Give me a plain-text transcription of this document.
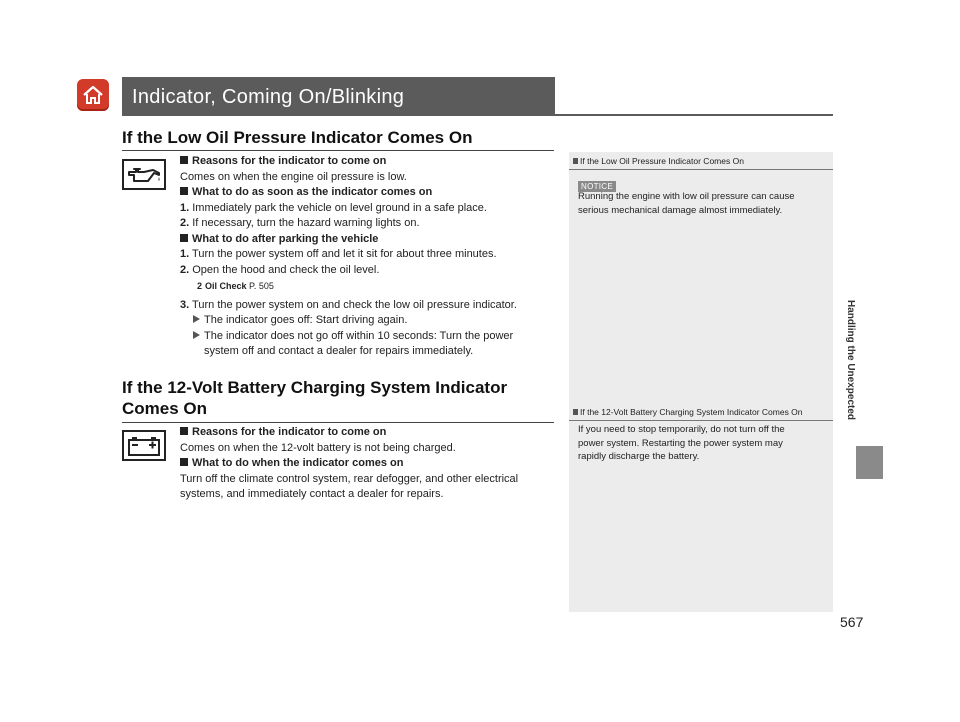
Indicator, Coming On/Blinking
If the Low Oil Pressure Indicator Comes On
Reasons for the indicator to come on
Comes on when the engine oil pressure is low.
What to do as soon as the indicator comes on
1. Immediately park the vehicle on level ground in a safe place.
2. If necessary, turn the hazard warning lights on.
What to do after parking the vehicle
1. Turn the power system off and let it sit for about three minutes.
2. Open the hood and check the oil level.
2 Oil Check P. 505
3. Turn the power system on and check the low oil pressure indicator.
The indicator goes off: Start driving again.
The indicator does not go off within 10 seconds: Turn the power
system off and contact a dealer for repairs immediately.
If the 12-Volt Battery Charging System Indicator
Comes On
Reasons for the indicator to come on
Comes on when the 12-volt battery is not being charged.
What to do when the indicator comes on
Turn off the climate control system, rear defogger, and other electrical
systems, and immediately contact a dealer for repairs.
If the Low Oil Pressure Indicator Comes On
NOTICE
Running the engine with low oil pressure can cause
serious mechanical damage almost immediately.
If the 12-Volt Battery Charging System Indicator Comes On
If you need to stop temporarily, do not turn off the
power system. Restarting the power system may
rapidly discharge the battery.
Handling the Unexpected
567
